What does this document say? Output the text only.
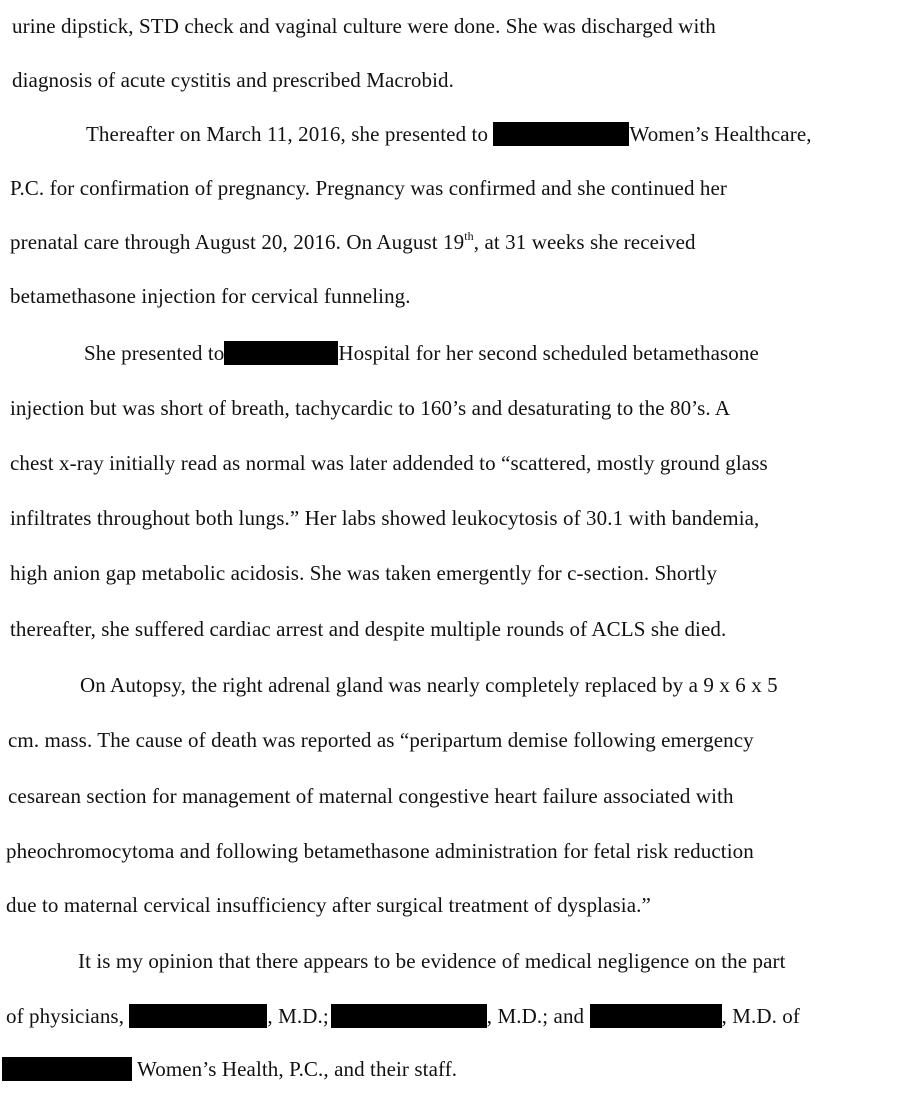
urine dipstick, STD check and vaginal culture were done. She was discharged with
diagnosis of acute cystitis and prescribed Macrobid.
Thereafter on March 11, 2016, she presented to	Women’s Healthcare,
P.C. for confirmation of pregnancy. Pregnancy was confirmed and she continued her
prenatal care through August 20, 2016. On August 19th, at 31 weeks she received
betamethasone injection for cervical funneling.
She presented to	Hospital for her second scheduled betamethasone
injection but was short of breath, tachycardic to 160’s and desaturating to the 80’s. A
chest x-ray initially read as normal was later addended to “scattered, mostly ground glass
infiltrates throughout both lungs.” Her labs showed leukocytosis of 30.1 with bandemia,
high anion gap metabolic acidosis. She was taken emergently for c-section. Shortly
thereafter, she suffered cardiac arrest and despite multiple rounds of ACLS she died.
On Autopsy, the right adrenal gland was nearly completely replaced by a 9 x 6 x 5
cm. mass. The cause of death was reported as “peripartum demise following emergency
cesarean section for management of maternal congestive heart failure associated with
pheochromocytoma and following betamethasone administration for fetal risk reduction
due to maternal cervical insufficiency after surgical treatment of dysplasia.”
It is my opinion that there appears to be evidence of medical negligence on the part
of physicians,	, M.D.;	, M.D.; and	, M.D. of
Women’s Health, P.C., and their staff.
